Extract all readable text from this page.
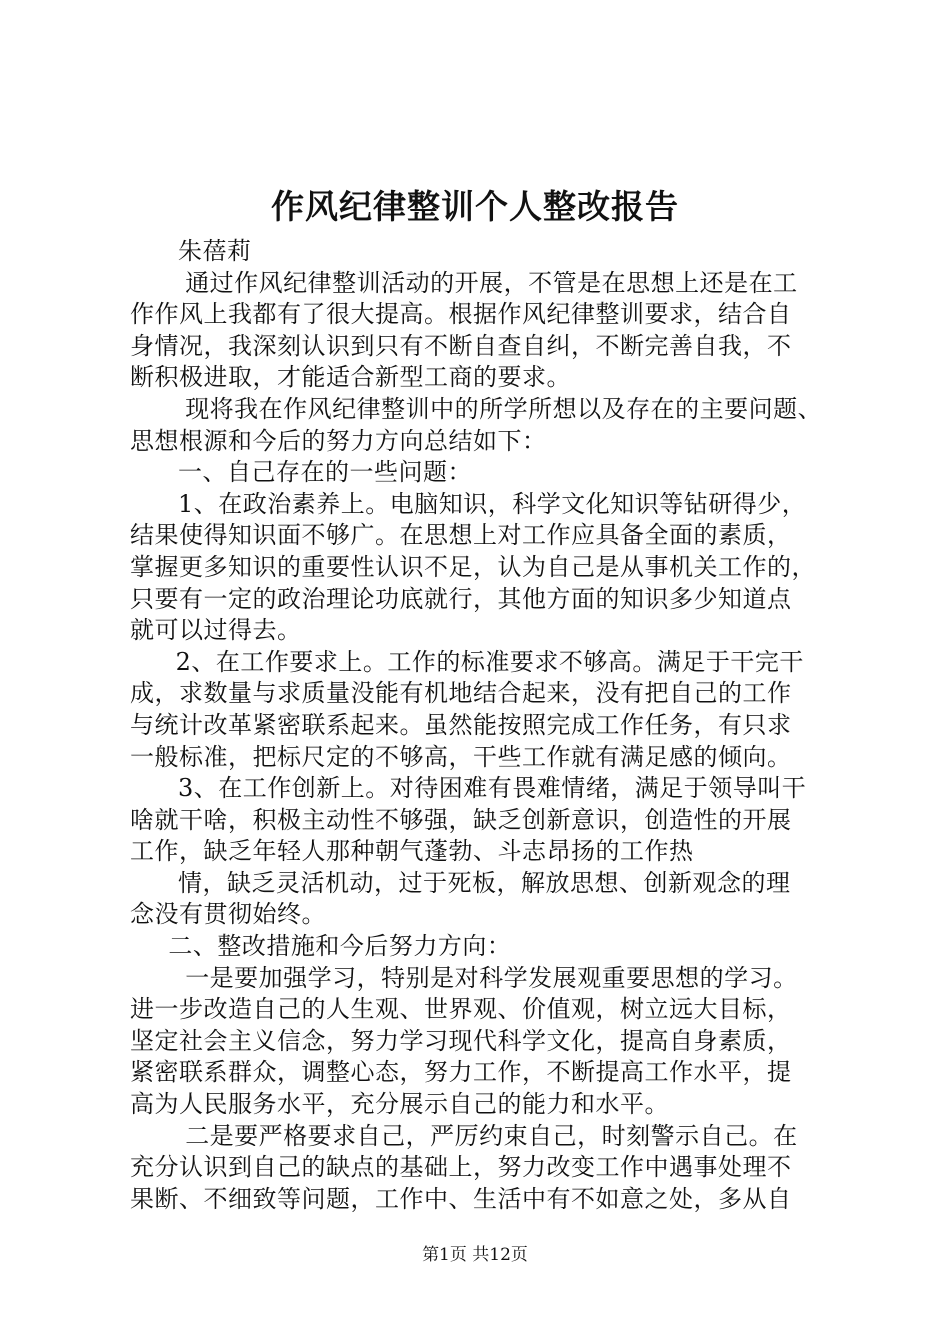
作风纪律整训个人整改报告
朱蓓莉
通过作风纪律整训活动的开展，不管是在思想上还是在工
作作风上我都有了很大提高。根据作风纪律整训要求，结合自
身情况，我深刻认识到只有不断自查自纠，不断完善自我，不
断积极进取，才能适合新型工商的要求。
现将我在作风纪律整训中的所学所想以及存在的主要问题、
思想根源和今后的努力方向总结如下：
一、自己存在的一些问题：
1、在政治素养上。电脑知识，科学文化知识等钻研得少，
结果使得知识面不够广。在思想上对工作应具备全面的素质，
掌握更多知识的重要性认识不足，认为自己是从事机关工作的，
只要有一定的政治理论功底就行，其他方面的知识多少知道点
就可以过得去。
2、在工作要求上。工作的标准要求不够高。满足于干完干
成，求数量与求质量没能有机地结合起来，没有把自己的工作
与统计改革紧密联系起来。虽然能按照完成工作任务，有只求
一般标准，把标尺定的不够高，干些工作就有满足感的倾向。
3、在工作创新上。对待困难有畏难情绪，满足于领导叫干
啥就干啥，积极主动性不够强，缺乏创新意识，创造性的开展
工作，缺乏年轻人那种朝气蓬勃、斗志昂扬的工作热
情，缺乏灵活机动，过于死板，解放思想、创新观念的理
念没有贯彻始终。
二、整改措施和今后努力方向：
一是要加强学习，特别是对科学发展观重要思想的学习。
进一步改造自己的人生观、世界观、价值观，树立远大目标，
坚定社会主义信念，努力学习现代科学文化，提高自身素质，
紧密联系群众，调整心态，努力工作，不断提高工作水平，提
高为人民服务水平，充分展示自己的能力和水平。
二是要严格要求自己，严厉约束自己，时刻警示自己。在
充分认识到自己的缺点的基础上，努力改变工作中遇事处理不
果断、不细致等问题，工作中、生活中有不如意之处，多从自
第1页 共12页
